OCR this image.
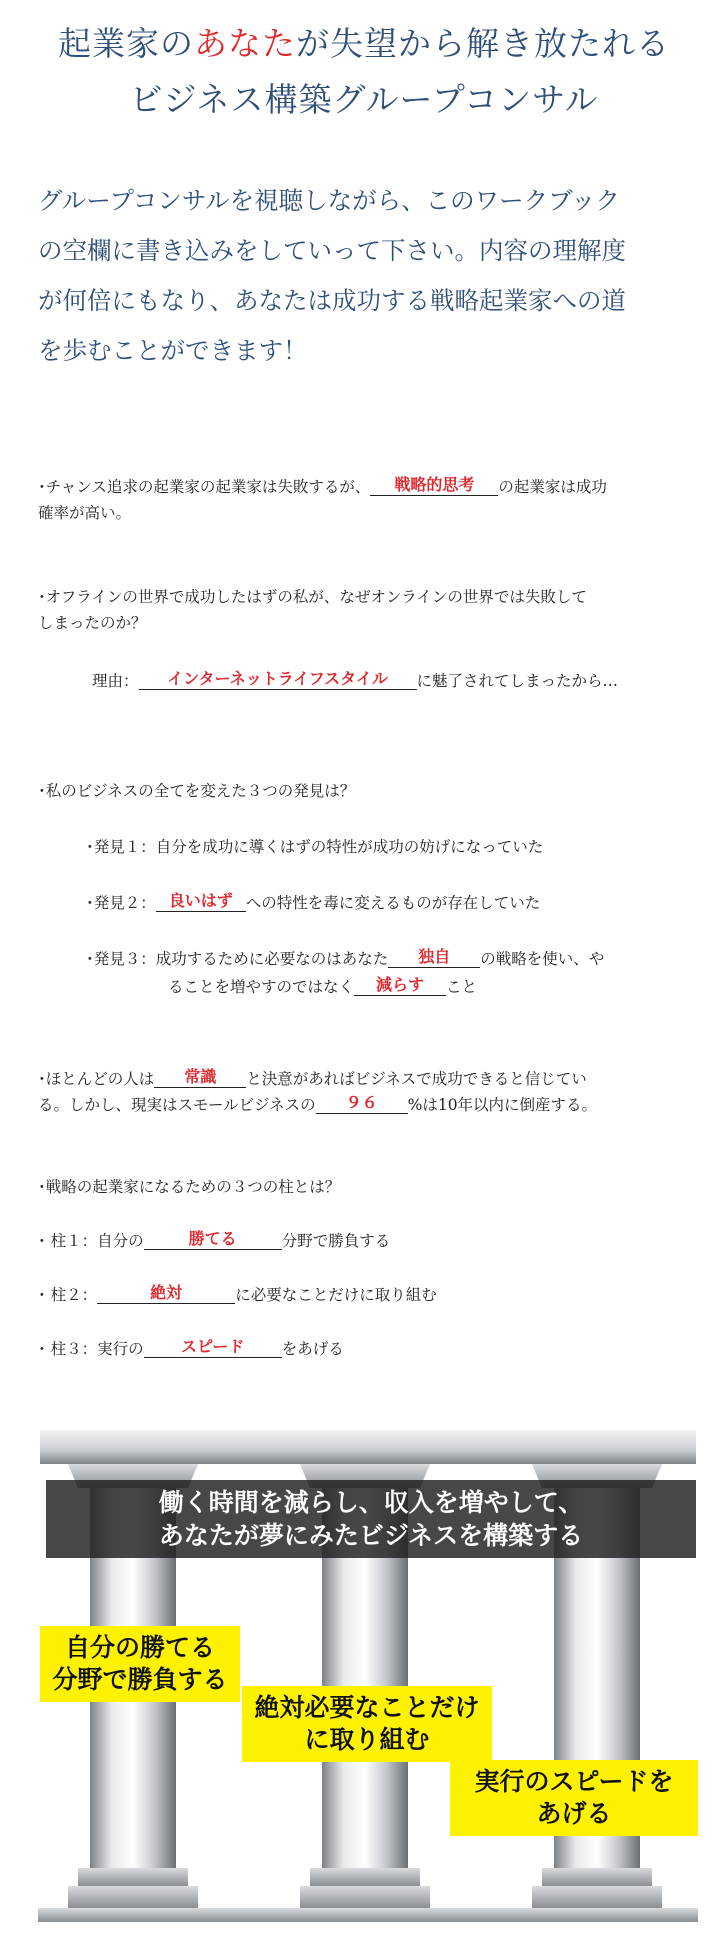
起業家のあなたが失望から解き放たれる
ビジネス構築グループコンサル
グループコンサルを視聴しながら、このワークブック
の空欄に書き込みをしていって下さい。内容の理解度
が何倍にもなり、あなたは成功する戦略起業家への道
を歩むことができます！
･チャンス追求の起業家の起業家は失敗するが、 戦略的思考 の起業家は成功
確率が高い。
･オフラインの世界で成功したはずの私が、なぜオンラインの世界では失敗して
しまったのか？
理由： インターネットライフスタイル に魅了されてしまったから…
･私のビジネスの全てを変えた３つの発見は？
･発見１：自分を成功に導くはずの特性が成功の妨げになっていた
･発見２： 良いはず への特性を毒に変えるものが存在していた
･発見３：成功するために必要なのはあなた 独自 の戦略を使い、や
ることを増やすのではなく 減らす こと
･ほとんどの人は 常識 と決意があればビジネスで成功できると信じてい
る。しかし、現実はスモールビジネスの ９６ %は10年以内に倒産する。
･戦略の起業家になるための３つの柱とは？
･ 柱１：自分の	勝てる	分野で勝負する
･ 柱２：	絶対	に必要なことだけに取り組む
･ 柱３：実行の スピード をあげる
働く時間を減らし、収入を増やして、
あなたが夢にみたビジネスを構築する
自分の勝てる
分野で勝負する
絶対必要なことだけ
に取り組む
実行のスピードを
あげる
